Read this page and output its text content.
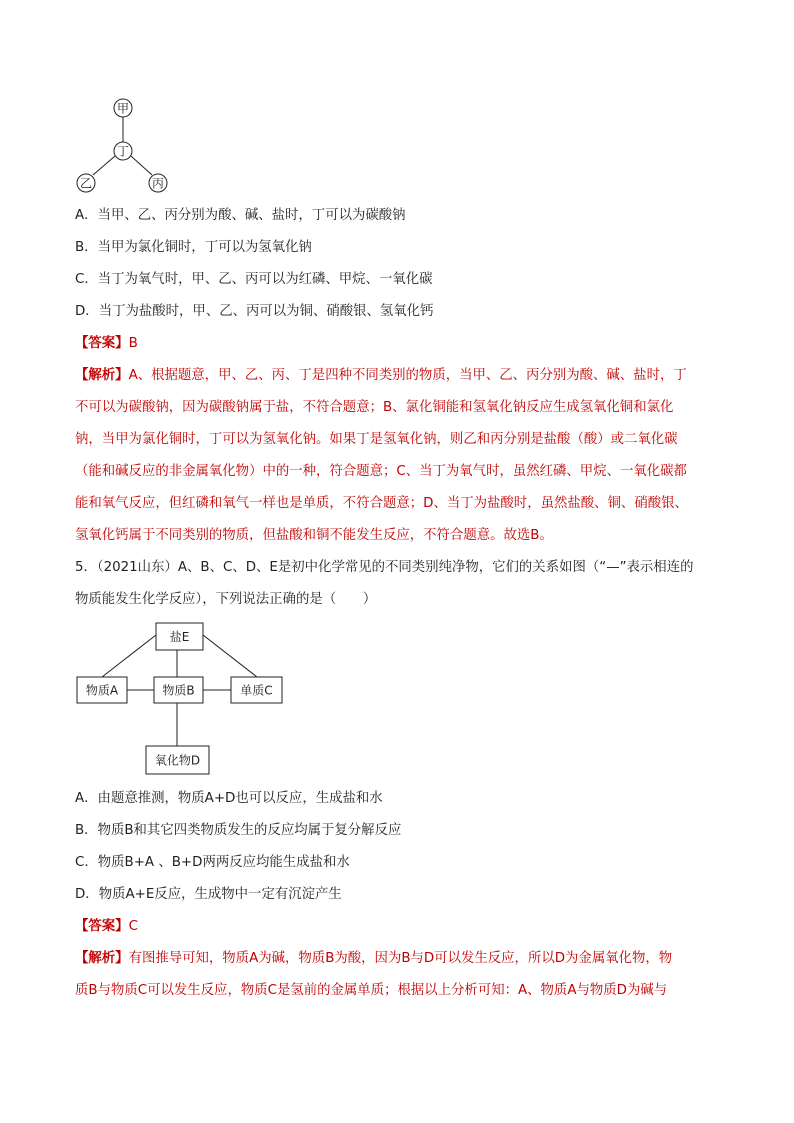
甲
丁
乙	丙
A．当甲、乙、丙分别为酸、碱、盐时，丁可以为碳酸钠
B．当甲为氯化铜时，丁可以为氢氧化钠
C．当丁为氧气时，甲、乙、丙可以为红磷、甲烷、一氧化碳
D．当丁为盐酸时，甲、乙、丙可以为铜、硝酸银、氢氧化钙
【答案】B
【解析】A、根据题意，甲、乙、丙、丁是四种不同类别的物质，当甲、乙、丙分别为酸、碱、盐时，丁
不可以为碳酸钠，因为碳酸钠属于盐，不符合题意；B、氯化铜能和氢氧化钠反应生成氢氧化铜和氯化
钠，当甲为氯化铜时，丁可以为氢氧化钠。如果丁是氢氧化钠，则乙和丙分别是盐酸（酸）或二氧化碳
（能和碱反应的非金属氧化物）中的一种，符合题意；C、当丁为氧气时，虽然红磷、甲烷、一氧化碳都
能和氧气反应，但红磷和氧气一样也是单质，不符合题意；D、当丁为盐酸时，虽然盐酸、铜、硝酸银、
氢氧化钙属于不同类别的物质，但盐酸和铜不能发生反应，不符合题意。故选B。
5．（2021山东）A、B、C、D、E是初中化学常见的不同类别纯净物，它们的关系如图（“—”表示相连的
物质能发生化学反应），下列说法正确的是（　　）
盐E
物质A	物质B	单质C
氧化物D
A．由题意推测，物质A+D也可以反应，生成盐和水
B．物质B和其它四类物质发生的反应均属于复分解反应
C．物质B+A 、B+D两两反应均能生成盐和水
D．物质A+E反应，生成物中一定有沉淀产生
【答案】C
【解析】有图推导可知，物质A为碱，物质B为酸，因为B与D可以发生反应，所以D为金属氧化物，物
质B与物质C可以发生反应，物质C是氢前的金属单质；根据以上分析可知：A、物质A与物质D为碱与
